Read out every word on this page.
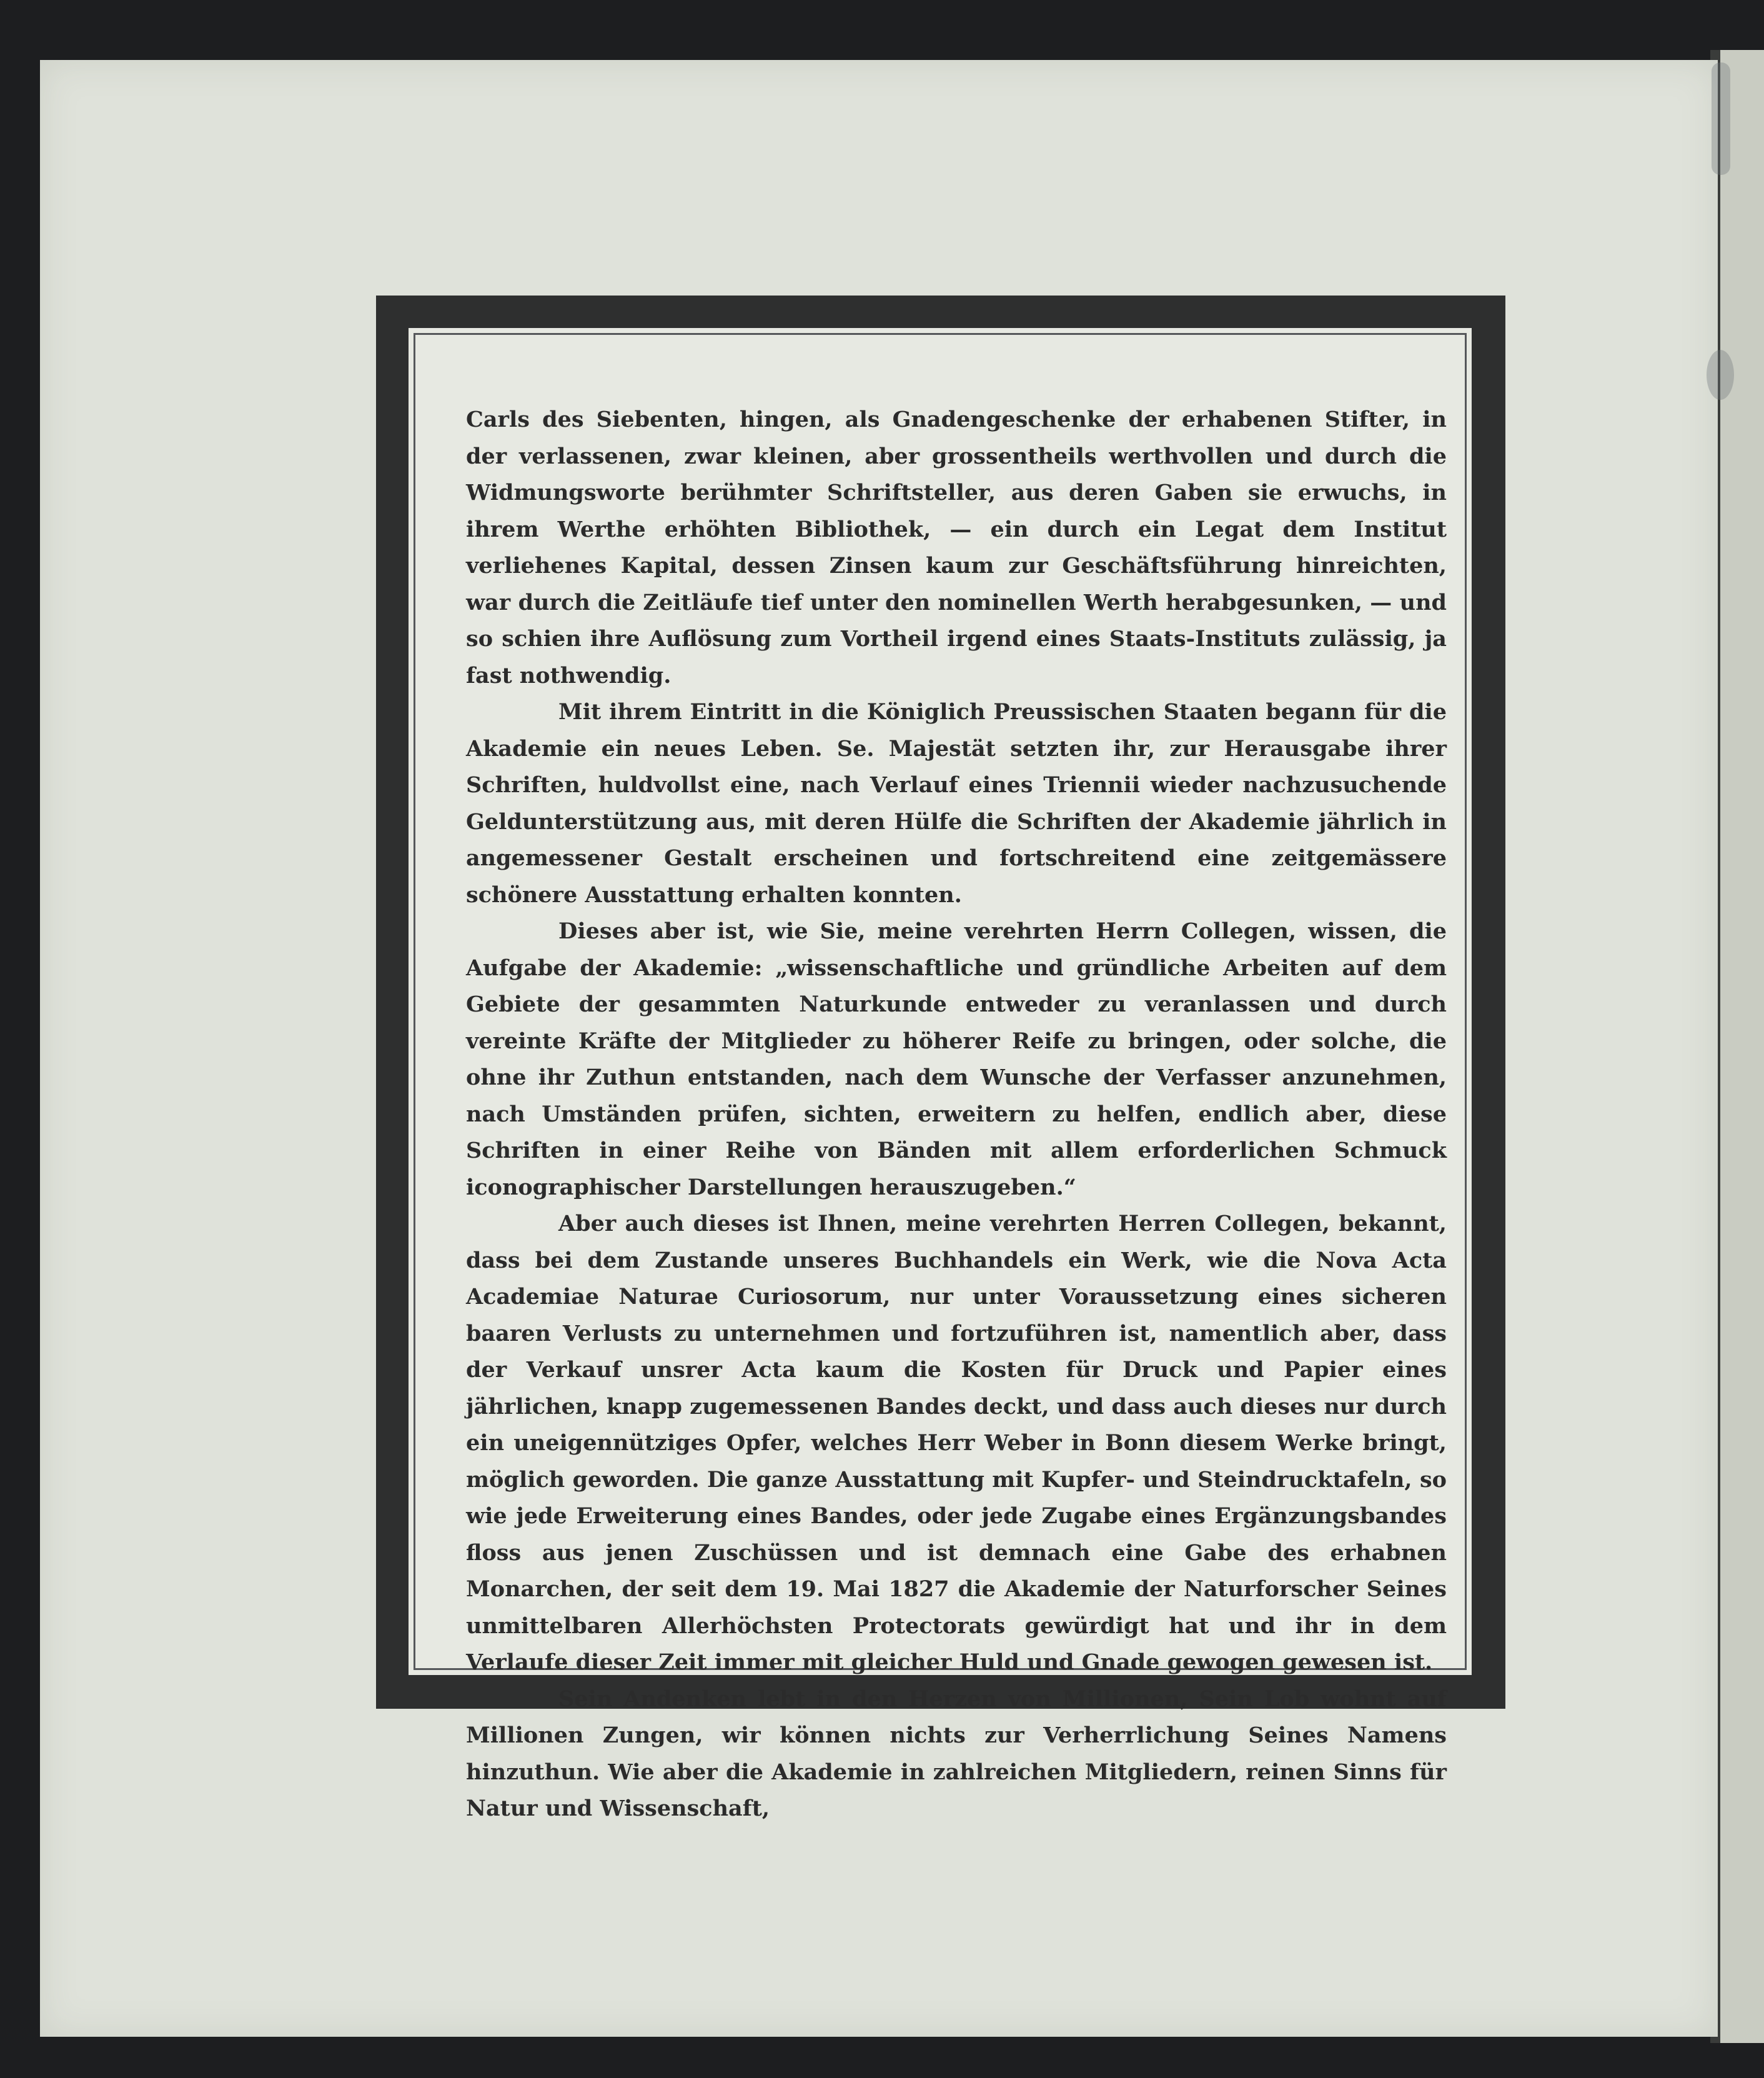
Carls des Siebenten, hingen, als Gnadengeschenke der erhabenen Stifter, in der verlassenen, zwar kleinen, aber grossentheils werthvollen und durch die Widmungsworte berühmter Schriftsteller, aus deren Gaben sie erwuchs, in ihrem Werthe erhöhten Bibliothek, — ein durch ein Legat dem Institut verliehenes Kapital, dessen Zinsen kaum zur Geschäftsführung hinreichten, war durch die Zeitläufe tief unter den nominellen Werth herabgesunken, — und so schien ihre Auflösung zum Vortheil irgend eines Staats-Instituts zulässig, ja fast nothwendig.

Mit ihrem Eintritt in die Königlich Preussischen Staaten begann für die Akademie ein neues Leben. Se. Majestät setzten ihr, zur Herausgabe ihrer Schriften, huldvollst eine, nach Verlauf eines Triennii wieder nachzusuchende Geldunterstützung aus, mit deren Hülfe die Schriften der Akademie jährlich in angemessener Gestalt erscheinen und fortschreitend eine zeitgemässere schönere Ausstattung erhalten konnten.

Dieses aber ist, wie Sie, meine verehrten Herrn Collegen, wissen, die Aufgabe der Akademie: „wissenschaftliche und gründliche Arbeiten auf dem Gebiete der gesammten Naturkunde entweder zu veranlassen und durch vereinte Kräfte der Mitglieder zu höherer Reife zu bringen, oder solche, die ohne ihr Zuthun entstanden, nach dem Wunsche der Verfasser anzunehmen, nach Umständen prüfen, sichten, erweitern zu helfen, endlich aber, diese Schriften in einer Reihe von Bänden mit allem erforderlichen Schmuck iconographischer Darstellungen herauszugeben.“

Aber auch dieses ist Ihnen, meine verehrten Herren Collegen, bekannt, dass bei dem Zustande unseres Buchhandels ein Werk, wie die Nova Acta Academiae Naturae Curiosorum, nur unter Voraussetzung eines sicheren baaren Verlusts zu unternehmen und fortzuführen ist, namentlich aber, dass der Verkauf unsrer Acta kaum die Kosten für Druck und Papier eines jährlichen, knapp zugemessenen Bandes deckt, und dass auch dieses nur durch ein uneigennütziges Opfer, welches Herr Weber in Bonn diesem Werke bringt, möglich geworden. Die ganze Ausstattung mit Kupfer- und Steindrucktafeln, so wie jede Erweiterung eines Bandes, oder jede Zugabe eines Ergänzungsbandes floss aus jenen Zuschüssen und ist demnach eine Gabe des erhabnen Monarchen, der seit dem 19. Mai 1827 die Akademie der Naturforscher Seines unmittelbaren Allerhöchsten Protectorats gewürdigt hat und ihr in dem Verlaufe dieser Zeit immer mit gleicher Huld und Gnade gewogen gewesen ist.

Sein Andenken lebt in den Herzen von Millionen, Sein Lob wohnt auf Millionen Zungen, wir können nichts zur Verherrlichung Seines Namens hinzuthun. Wie aber die Akademie in zahlreichen Mitgliedern, reinen Sinns für Natur und Wissenschaft,
